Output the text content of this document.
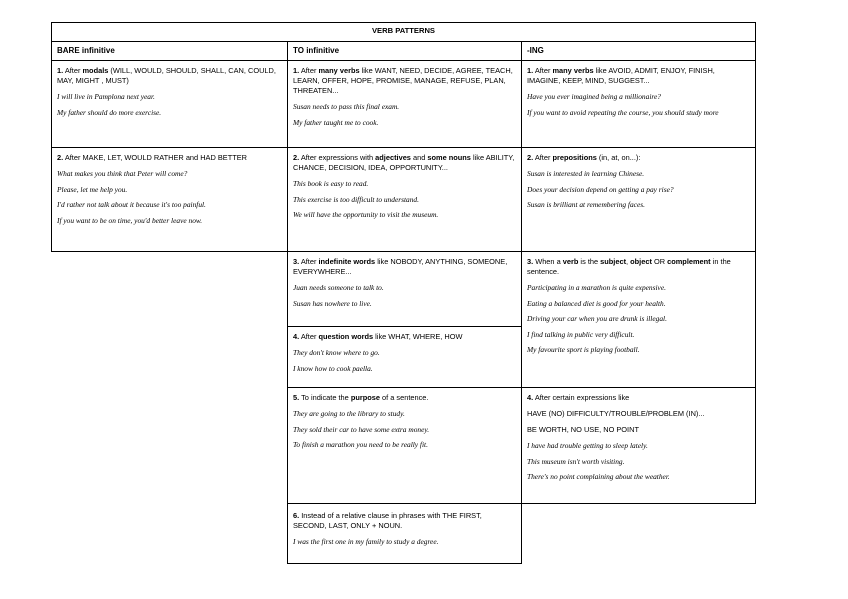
VERB PATTERNS
BARE infinitive	TO infinitive	-ING
1. After modals (WILL, WOULD, SHOULD, SHALL, CAN, COULD, MAY, MIGHT , MUST)
I will live in Pamplona next year.
My father should do more exercise.
2. After MAKE, LET, WOULD RATHER and HAD BETTER
What makes you think that Peter will come?
Please, let me help you.
I'd rather not talk about it because it's too painful.
If you want to be on time, you'd better leave now.
1. After many verbs like WANT, NEED, DECIDE, AGREE, TEACH, LEARN, OFFER, HOPE, PROMISE, MANAGE, REFUSE, PLAN, THREATEN...
Susan needs to pass this final exam.
My father taught me to cook.
2. After expressions with adjectives and some nouns like ABILITY, CHANCE, DECISION, IDEA, OPPORTUNITY...
This book is easy to read.
This exercise is too difficult to understand.
We will have the opportunity to visit the museum.
3. After indefinite words like NOBODY, ANYTHING, SOMEONE, EVERYWHERE...
Juan needs someone to talk to.
Susan has nowhere to live.
4. After question words like WHAT, WHERE, HOW
They don't know where to go.
I know how to cook paella.
5. To indicate the purpose of a sentence.
They are going to the library to study.
They sold their car to have some extra money.
To finish a marathon you need to be really fit.
6. Instead of a relative clause in phrases with THE FIRST, SECOND, LAST, ONLY + NOUN.
I was the first one in my family to study a degree.
1. After many verbs like AVOID, ADMIT, ENJOY, FINISH, IMAGINE, KEEP, MIND, SUGGEST...
Have you ever imagined being a millionaire?
If you want to avoid repeating the course, you should study more
2. After prepositions (in, at, on...):
Susan is interested in learning Chinese.
Does your decision depend on getting a pay rise?
Susan is brilliant at remembering faces.
3. When a verb is the subject, object OR complement in the sentence.
Participating in a marathon is quite expensive.
Eating a balanced diet is good for your health.
Driving your car when you are drunk is illegal.
I find talking in public very difficult.
My favourite sport is playing football.
4. After certain expressions like
HAVE (NO) DIFFICULTY/TROUBLE/PROBLEM (IN)...
BE WORTH, NO USE, NO POINT
I have had trouble getting to sleep lately.
This museum isn't worth visiting.
There's no point complaining about the weather.
